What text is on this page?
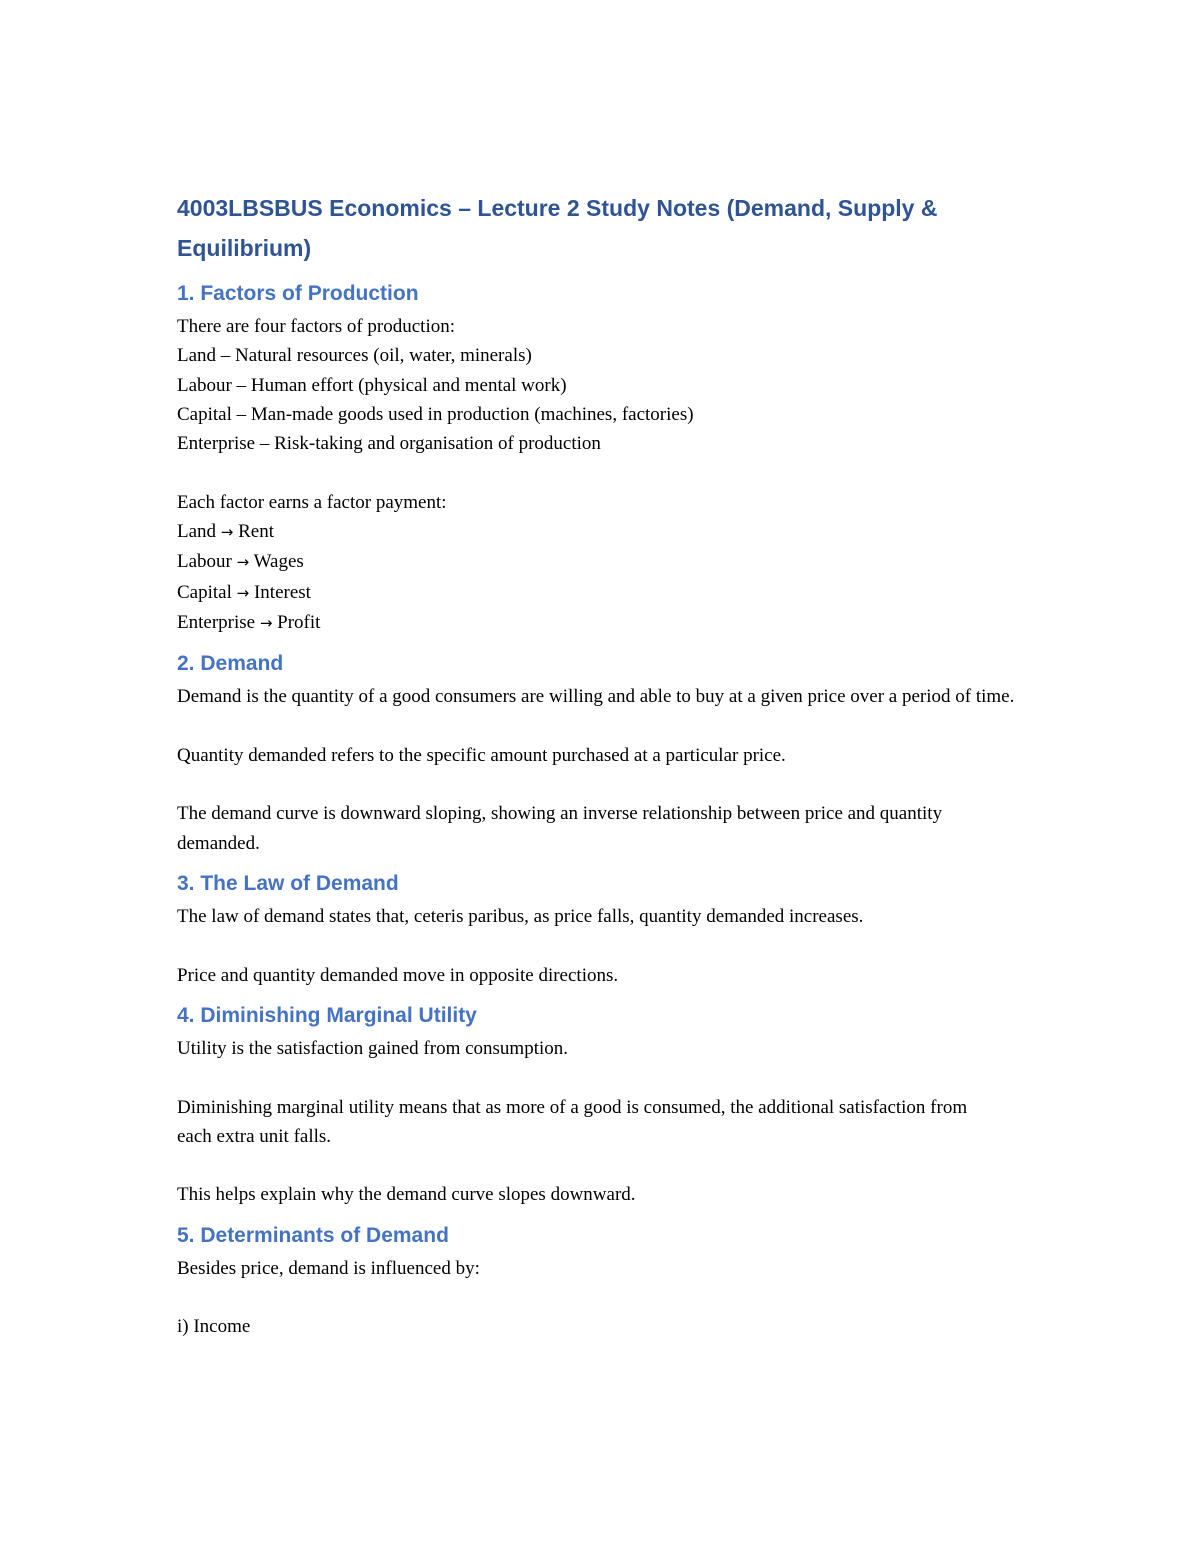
4003LBSBUS Economics – Lecture 2 Study Notes (Demand, Supply & Equilibrium)
1. Factors of Production
There are four factors of production:
Land – Natural resources (oil, water, minerals)
Labour – Human effort (physical and mental work)
Capital – Man-made goods used in production (machines, factories)
Enterprise – Risk-taking and organisation of production
Each factor earns a factor payment:
Land → Rent
Labour → Wages
Capital → Interest
Enterprise → Profit
2. Demand

Demand is the quantity of a good consumers are willing and able to buy at a given price over a period of time.

Quantity demanded refers to the specific amount purchased at a particular price.

The demand curve is downward sloping, showing an inverse relationship between price and quantity demanded.

3. The Law of Demand

The law of demand states that, ceteris paribus, as price falls, quantity demanded increases.

Price and quantity demanded move in opposite directions.

4. Diminishing Marginal Utility

Utility is the satisfaction gained from consumption.

Diminishing marginal utility means that as more of a good is consumed, the additional satisfaction from each extra unit falls.

This helps explain why the demand curve slopes downward.

5. Determinants of Demand

Besides price, demand is influenced by:

i) Income
